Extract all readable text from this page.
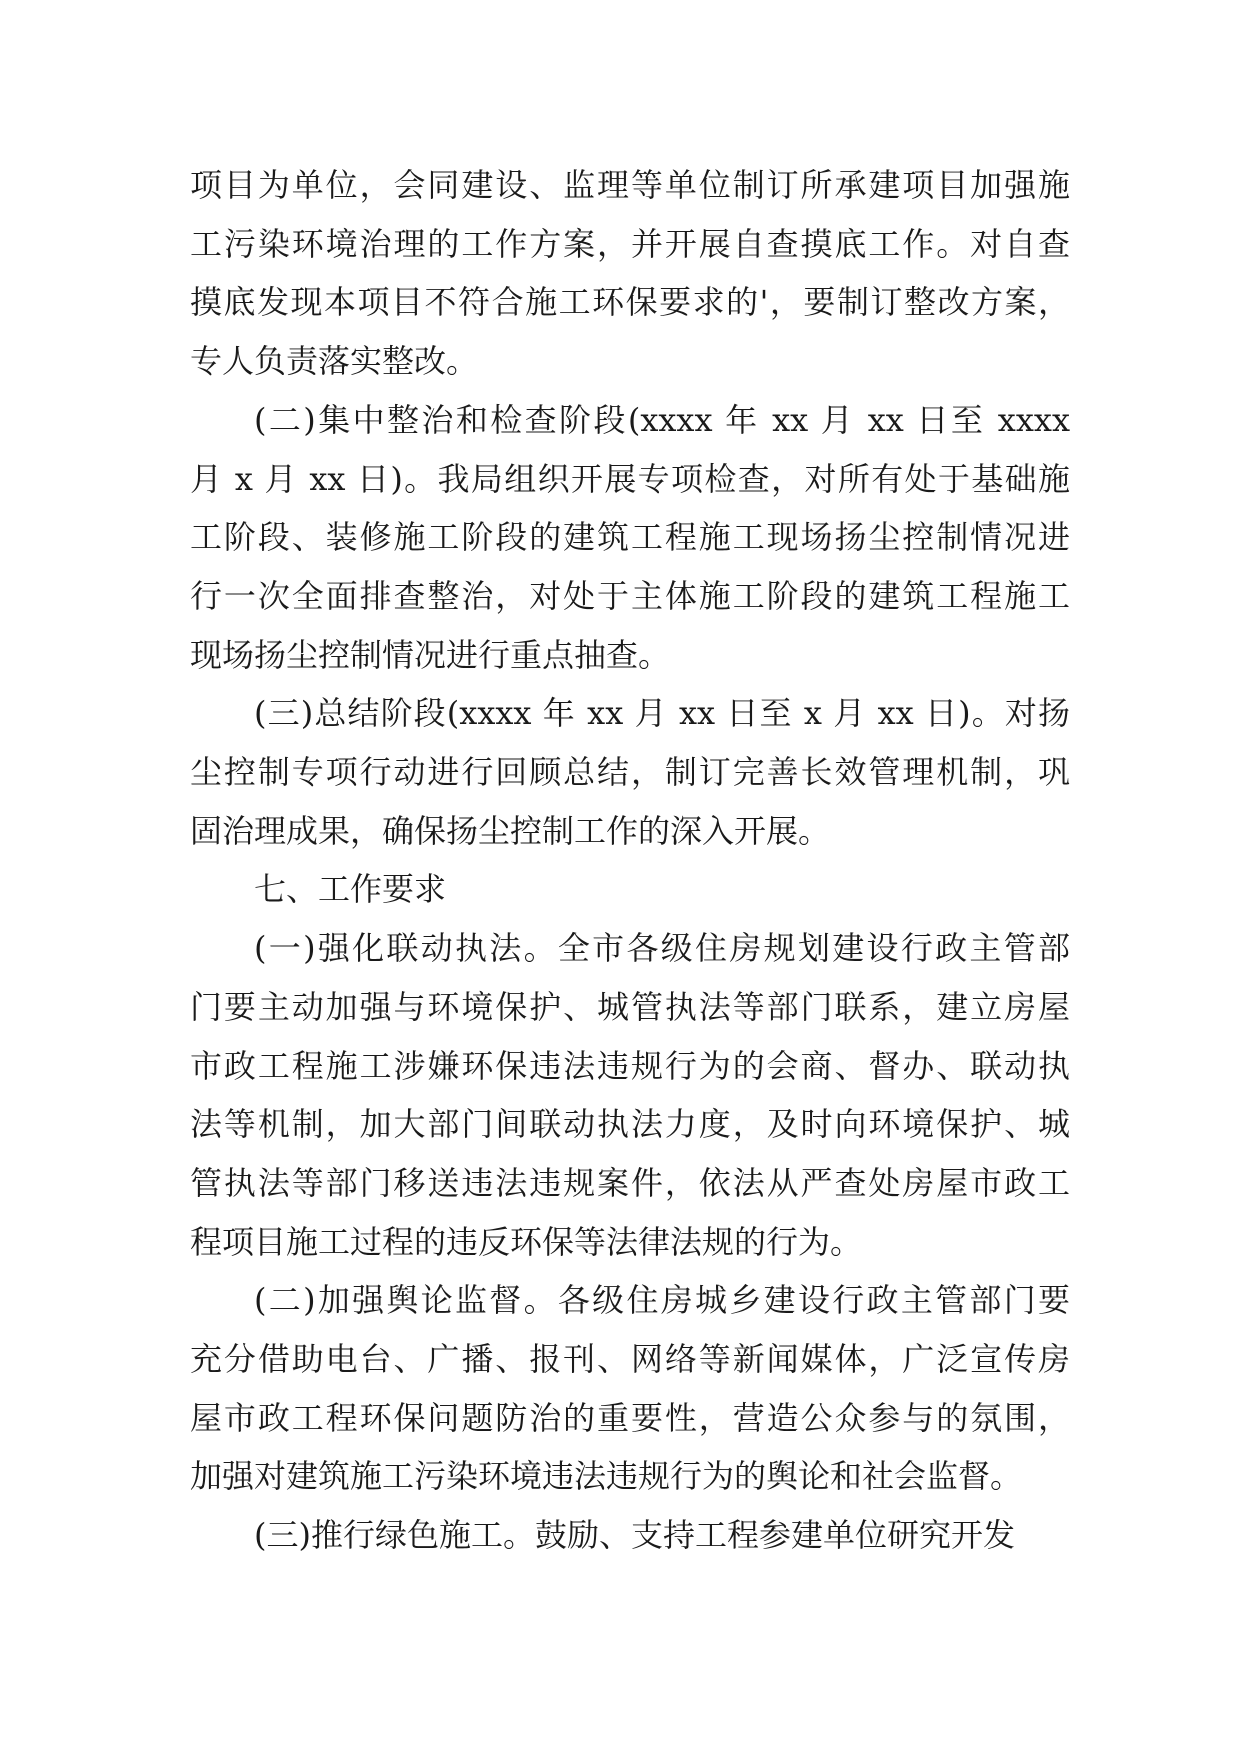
项目为单位，会同建设、监理等单位制订所承建项目加强施
工污染环境治理的工作方案，并开展自查摸底工作。对自查
摸底发现本项目不符合施工环保要求的'，要制订整改方案，
专人负责落实整改。
(二)集中整治和检查阶段(xxxx 年 xx 月 xx 日至 xxxx
月 x 月 xx 日)。我局组织开展专项检查，对所有处于基础施
工阶段、装修施工阶段的建筑工程施工现场扬尘控制情况进
行一次全面排查整治，对处于主体施工阶段的建筑工程施工
现场扬尘控制情况进行重点抽查。
(三)总结阶段(xxxx 年 xx 月 xx 日至 x 月 xx 日)。对扬
尘控制专项行动进行回顾总结，制订完善长效管理机制，巩
固治理成果，确保扬尘控制工作的深入开展。
七、工作要求
(一)强化联动执法。全市各级住房规划建设行政主管部
门要主动加强与环境保护、城管执法等部门联系，建立房屋
市政工程施工涉嫌环保违法违规行为的会商、督办、联动执
法等机制，加大部门间联动执法力度，及时向环境保护、城
管执法等部门移送违法违规案件，依法从严查处房屋市政工
程项目施工过程的违反环保等法律法规的行为。
(二)加强舆论监督。各级住房城乡建设行政主管部门要
充分借助电台、广播、报刊、网络等新闻媒体，广泛宣传房
屋市政工程环保问题防治的重要性，营造公众参与的氛围，
加强对建筑施工污染环境违法违规行为的舆论和社会监督。
(三)推行绿色施工。鼓励、支持工程参建单位研究开发
